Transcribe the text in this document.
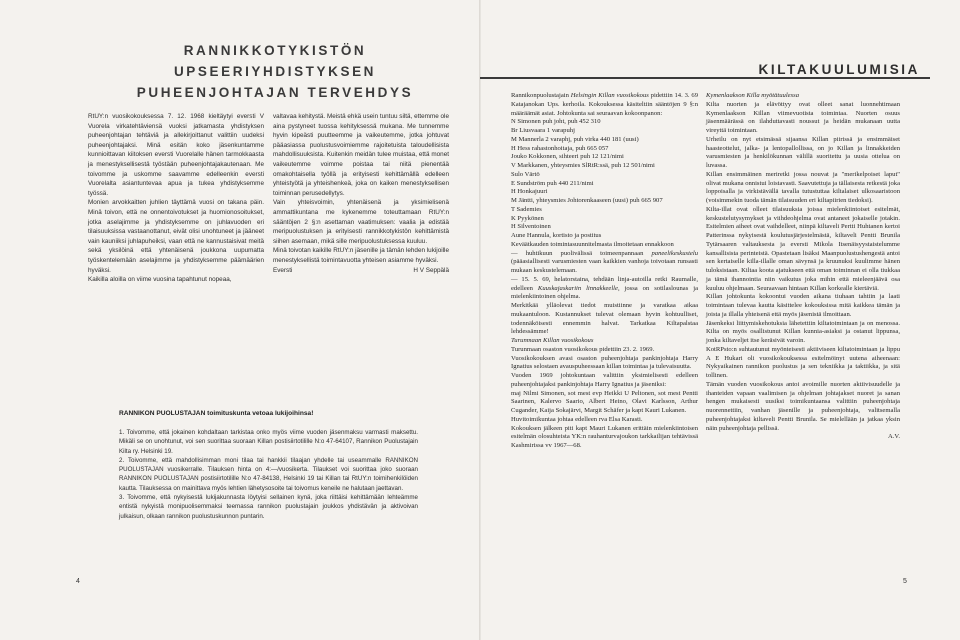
RANNIKKOTYKISTÖN UPSEERIYHDISTYKSEN
PUHEENJOHTAJAN TERVEHDYS

RtUY:n vuosikokouksessa 7. 12. 1968 kieltäytyi eversti V Vuorela virkatehtäviensä vuoksi jatkamasta yhdistyksen puheenjohtajan tehtäviä ja allekirjoittanut valittiin uudeksi puheenjohtajaksi. Minä esitän koko jäsenkuntamme kunnioittavan kiitoksen eversti Vuorelalle hänen tarmokkaasta ja menestyksellisestä työstään puheenjohtajakautenaan. Me toivomme ja uskomme saavamme edelleenkin eversti Vuorelalta asiantuntevaa apua ja tukea yhdistyksemme työssä.

Monien arvokkaitten juhlien täyttämä vuosi on takana päin. Minä toivon, että ne onnentoivotukset ja huomionosoitukset, jotka aselajimme ja yhdistyksemme on juhlavuoden eri tilaisuuksissa vastaanottanut, eivät olisi unohtuneet ja jääneet vain kauniiksi juhlapuheiksi, vaan että ne kannustaisivat meitä sekä yksilöinä että yhtenäisenä joukkona uupumatta työskentelemään aselajimme ja yhdistyksemme päämäärien hyväksi.

Kaikilla aloilla on viime vuosina tapahtunut nopeaa,

valtavaa kehitystä. Meistä ehkä usein tuntuu siltä, ettemme ole aina pystyneet tuossa kehityksessä mukana. Me tunnemme hyvin kipeästi puutteemme ja vaikeutemme, jotka johtuvat pääasiassa puolustusvoimiemme rajoitetuista taloudellisista mahdollisuuksista. Kuitenkin meidän tulee muistaa, että monet vaikeutemme voimme poistaa tai niitä pienentää omakohtaisella työllä ja erityisesti kehittämällä edelleen yhteistyötä ja yhteishenkeä, joka on kaiken menestyksellisen toiminnan perusedellytys.

Vain yhteisvoimin, yhtenäisenä ja yksimielisenä ammattikuntana me kykenemme toteuttamaan RtUY:n sääntöjen 2 §:n asettaman vaatimuksen: vaalia ja edistää meripuolustuksen ja erityisesti rannikkotykistön kehittämistä siihen asemaan, mikä sille meripuolustuksessa kuuluu.

Minä toivotan kaikille RtUY:n jäsenille ja tämän lehden lukijoille menestyksellistä toimintavuotta yhteisen asiamme hyväksi.

Eversti	H V Seppälä
RANNIKON PUOLUSTAJAN toimituskunta vetoaa lukijoihinsa!

1. Toivomme, että jokainen kohdaltaan tarkistaa onko myös viime vuoden jäsenmaksu varmasti maksettu. Mikäli se on unohtunut, voi sen suorittaa suoraan Killan postisiirtotilille N:o 47-64107, Rannikon Puolustajain Kilta ry. Helsinki 19.

2. Toivomme, että mahdollisimman moni tilaa tai hankkii tilaajan yhdelle tai useammalle RANNIKON PUOLUSTAJAN vuosikerralle. Tilauksen hinta on 4:—/vuosikerta. Tilaukset voi suorittaa joko suoraan RANNIKON PUOLUSTAJAN postisiirtotilille N:o 47-84138, Helsinki 19 tai Killan tai RtUY:n toimihenkilöiden kautta. Tilauksessa on mainittava myös lehtien lähetysosoite tai toivomus keneile ne halutaan jaettavan.

3. Toivomme, että nykyisestä lukijakunnasta löytyisi sellainen kynä, joka riittäisi kehittämään lehteämme entistä nykyistä monipuolisemmaksi teemassa rannikon puolustajain joukkos yhdistävän ja aktivoivan julkaisun, olkaan rannikon puolustuskunnon puntarin.

4
KILTAKUULUMISIA

Rannikonpuolustajain Helsingin Killan vuosikokous pidettiin 14. 3. 69 Katajanokan Ups. kerhoila. Kokouksessa käsiteltiin sääntöjen 9 §:n määräämät asiat. Johtokunta sai seuraavan kokoonpanon:

N Simonen puh joht, puh 452 310

Br Liusvaara 1 varapuhj

M Mannerla 2 varaphj, puh virka 440 181 (uusi)

H Hess rahastonhoitaja, puh 665 057

Jouko Kokkonen, sihteeri puh 12 121/nimi

V Markkanen, yhteysmies SlRtR:ssä, puh 12 501/nimi

Sulo Värtö

E Sundström puh 440 211/nimi

H Honkajuuri

M Jäntti, yhteysmies Johtorenkaaseen (uusi) puh 665 907

T Sademies

K Pyykönen

H Silventoinen

Aune Hannula, kortisto ja postitus

Keväätkauden toimintasuunnitelmasta ilmoitetaan ennakkoon

— huhtikuun puolivälissä toimeenpannaan paneelikeskustelu (pääasiallisesti varusmiesten vaan kaikkien vanhoja toivotaan runsasti mukaan keskustelemaan.

— 15. 5. 69, helatorstaina, tehdään linja-autoilla retki Raumalle, edelleen Kuuskajaskariin linnakkeelle, jossa on sotilaslounas ja mielenkiintoinen ohjelma.

Merkitkää ylläolevat tiedot muistiinne ja varatkaa aikaa mukaantuloon. Kustannukset tulevat olemaan hyvin kohtuulliset, todennäköisesti ennemmin halvat. Tarkatkaa Kiltapalstaa lehdessämme!

Turunmaan Killan vuosikokous

Turunmaan osaston vuosikokous pidettiin 23. 2. 1969.

Vuosikokouksen avasi osaston puheenjohtaja pankinjohtaja Harry Ignatius selostaen avauspuheessaan killan toimintaa ja tulevaisuutta.

Vuoden 1969 johtokuntaan valittiin yksimielisesti edelleen puheenjohtajaksi pankinjohtaja Harry Ignatius ja jäseniksi:

maj Nilmi Simonen, sot mest evp Heikki U Peltonen, sot mest Pentti Saarinen, Kalervo Saario, Albert Heino, Olavi Karlsson, Arthur Cugander, Kaija Sokajärvi, Margit Schäfer ja kapt Kauri Lukanen.

Huvitoimikuntaa johtaa edelleen rva Elsa Karasti.

Kokouksen jälkeen piti kapt Mauri Lukanen erittäin mielenkiintoisen esitelmän olosuhteista YK:n rauhanturvajoukon tarkkailijan tehtävissä Kashmirissa vv 1967—68.

Kymenlaakson Killa myötätuulessa

Kilta nuorten ja elävöttyy ovat olleet sanat luonnehtimaan Kymenlaakson Killan viimevuotista toimintaa. Nuorten osuus jäsenmäärässä on ilahduttavasti noussut ja heidän mukanaan uutta vireyttä toimintaan.

Urheilu on nyt etsimässä sijaansa Killan piirissä ja ensimmäiset haasteottelut, jalka- ja lentopallollissa, on jo Killan ja linnakkeiden varusmiesten ja henkilökunnan välillä suoritettu ja uusia ottelua on luvassa.

Killan ensimmäinen meriretki jossa nouvat ja "merikelpoiset laput" olivat mukana onnistui loistavasti. Saavutettuja ja tällaisesta retkestä joka loppoisalla ja virkistävällä tavalla tutustuttaa kiltalaiset ulkosaaristoon (voisimmekin tuoda tämän tilaisuuden eri kiltapiirien tiedoksi).

Kilta-illat ovat olleet tilaisuuksia joissa mielenkiintoiset esitelmät, keskustelutysymykset ja viihdeohjelma ovat antaneet jokaiselle jotakin. Esitelmien aiheet ovat vaihdelleet, niinpä kiltaveli Pertti Huhtanen kertoi Patterinssa nykyisestä koulutusjärjestelmästä, kiltaveli Pentti Brunila Tytärsaaren valtauksesta ja eversti Mikola Itsenäisyystaistelumme kansallisista perinteistä. Opastetaan lisäksi Maanpuolustushengestä antoi sen kertaiselle killa-illalle oman sävynsä ja kruunuksi kuulimme hänen tuloksistaan. Kiltaa koota ajatukseen että oman toiminnan ei olla tiukkaa ja tämä ihannointia niin vaikutus joka mihin että mieleenjäävä osa kuuluu ohjelmaan. Seuraavaan hintaan Killan korkealle kiertäviä.

Killan johtokunta kokoontui vuoden aikana tiuhaan tahtiin ja laati toimintaan tulevaa kautta käsittelee kokouksissa mitä kaikkea tämän ja joista ja illalla yhteisenä että myös jäsenistä ilmoittaan.

Jäsenkeksi liittymiskehotuksia lähetettiin kiltatoimintaan ja on menossa. Kilta on myös osallistunut Killan kunnia-asiaksi ja ostanut lippunsa, jonka kiltaveljet itse keräsivät varoin.

KotRPsto:n suhtautunut myönteisesti aktiiviseen kiltatoimintaan ja lippu A E Hukari oli vuosikokouksessa esitelmöinyt uutena aiheenaan: Nykyaikainen rannikon puolustus ja sen tekniikka ja taktiikka, ja sitä tollinen.

Tämän vuoden vuosikokous antoi avoimille nuorten aktiivisuudelle ja ihanteiden vapaan vaalimisen ja ohjelman johtajakset nuoret ja sanan hengen mukaisesti uusiksi toimikuntaansa valittiin puheenjohtaja nuorennettiin, vanhan jäsenille ja puheenjohtaja, valitsemalla puheenjohtajaksi kiltaveli Pentti Brunila. Se mielellään ja jatkaa yksin näin puheenjohtaja pellissä.

A.V.
5
